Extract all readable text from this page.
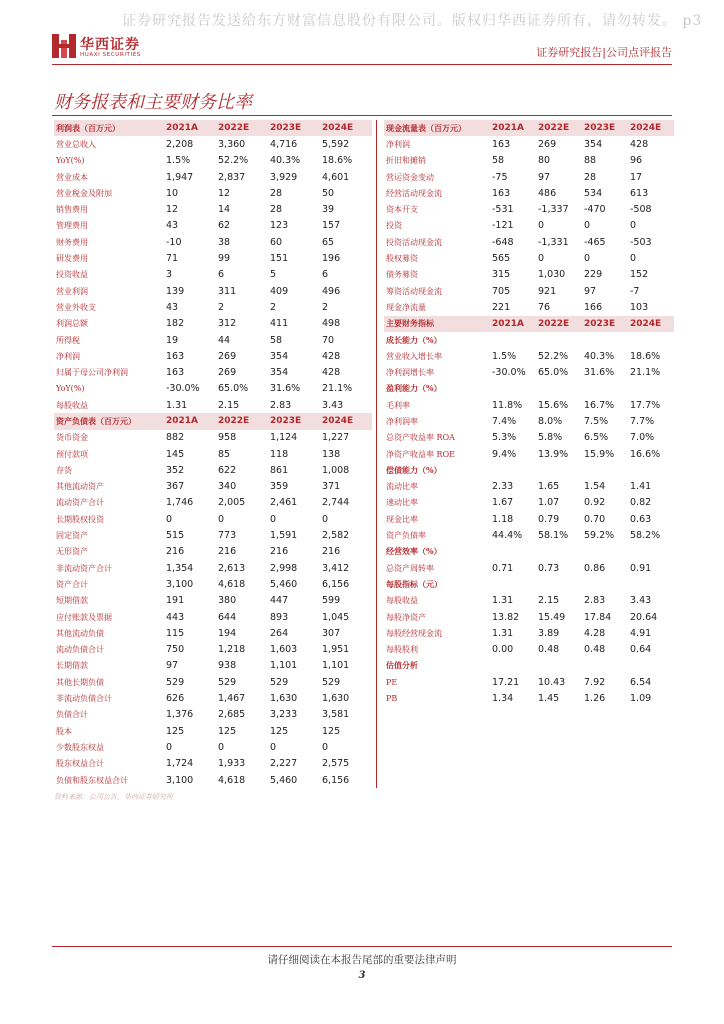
证券研究报告发送给东方财富信息股份有限公司。版权归华西证券所有，请勿转发。 p3
华西证券
HUAXI SECURITIES	证券研究报告|公司点评报告
财务报表和主要财务比率
利润表（百万元）	2021A	2022E	2023E	2024E
营业总收入	2,208	3,360	4,716	5,592
YoY(%)	1.5%	52.2%	40.3%	18.6%
营业成本	1,947	2,837	3,929	4,601
营业税金及附加	10	12	28	50
销售费用	12	14	28	39
管理费用	43	62	123	157
财务费用	-10	38	60	65
研发费用	71	99	151	196
投资收益	3	6	5	6
营业利润	139	311	409	496
营业外收支	43	2	2	2
利润总额	182	312	411	498
所得税	19	44	58	70
净利润	163	269	354	428
归属于母公司净利润	163	269	354	428
YoY(%)	-30.0%	65.0%	31.6%	21.1%
每股收益	1.31	2.15	2.83	3.43
资产负债表（百万元）	2021A	2022E	2023E	2024E
货币资金	882	958	1,124	1,227
预付款项	145	85	118	138
存货	352	622	861	1,008
其他流动资产	367	340	359	371
流动资产合计	1,746	2,005	2,461	2,744
长期股权投资	0	0	0	0
固定资产	515	773	1,591	2,582
无形资产	216	216	216	216
非流动资产合计	1,354	2,613	2,998	3,412
资产合计	3,100	4,618	5,460	6,156
短期借款	191	380	447	599
应付账款及票据	443	644	893	1,045
其他流动负债	115	194	264	307
流动负债合计	750	1,218	1,603	1,951
长期借款	97	938	1,101	1,101
其他长期负债	529	529	529	529
非流动负债合计	626	1,467	1,630	1,630
负债合计	1,376	2,685	3,233	3,581
股本	125	125	125	125
少数股东权益	0	0	0	0
股东权益合计	1,724	1,933	2,227	2,575
负债和股东权益合计	3,100	4,618	5,460	6,156
现金流量表（百万元）	2021A	2022E	2023E	2024E
净利润	163	269	354	428
折旧和摊销	58	80	88	96
营运资金变动	-75	97	28	17
经营活动现金流	163	486	534	613
资本开支	-531	-1,337	-470	-508
投资	-121	0	0	0
投资活动现金流	-648	-1,331	-465	-503
股权募资	565	0	0	0
债务募资	315	1,030	229	152
筹资活动现金流	705	921	97	-7
现金净流量	221	76	166	103
主要财务指标	2021A	2022E	2023E	2024E
成长能力（%）				
营业收入增长率	1.5%	52.2%	40.3%	18.6%
净利润增长率	-30.0%	65.0%	31.6%	21.1%
盈利能力（%）				
毛利率	11.8%	15.6%	16.7%	17.7%
净利润率	7.4%	8.0%	7.5%	7.7%
总资产收益率 ROA	5.3%	5.8%	6.5%	7.0%
净资产收益率 ROE	9.4%	13.9%	15.9%	16.6%
偿债能力（%）				
流动比率	2.33	1.65	1.54	1.41
速动比率	1.67	1.07	0.92	0.82
现金比率	1.18	0.79	0.70	0.63
资产负债率	44.4%	58.1%	59.2%	58.2%
经营效率（%）				
总资产周转率	0.71	0.73	0.86	0.91
每股指标（元）				
每股收益	1.31	2.15	2.83	3.43
每股净资产	13.82	15.49	17.84	20.64
每股经营现金流	1.31	3.89	4.28	4.91
每股股利	0.00	0.48	0.48	0.64
估值分析				
PE	17.21	10.43	7.92	6.54
PB	1.34	1.45	1.26	1.09
资料来源：公司公告，华西证券研究所
请仔细阅读在本报告尾部的重要法律声明
3
